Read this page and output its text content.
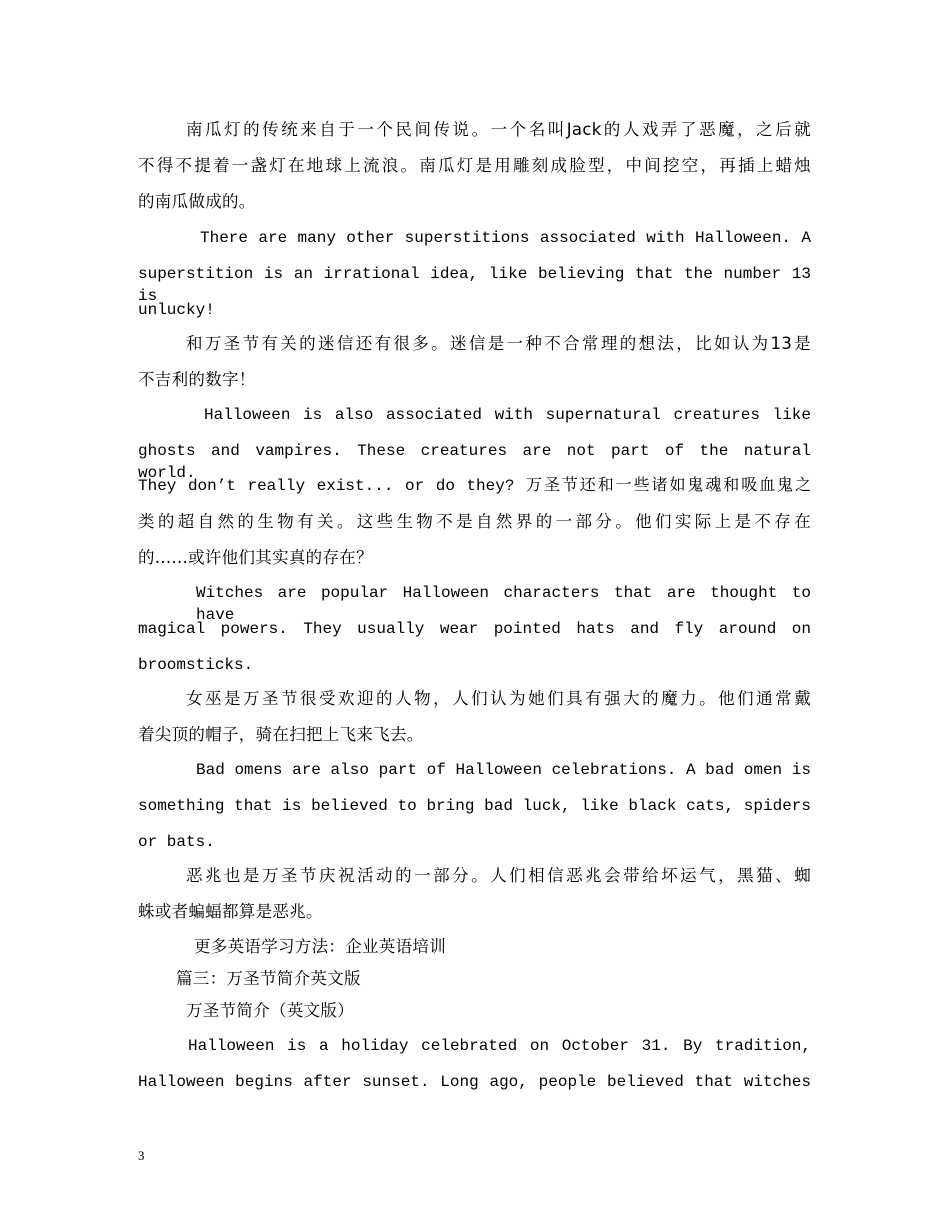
南瓜灯的传统来自于一个民间传说。一个名叫Jack的人戏弄了恶魔，之后就
不得不提着一盏灯在地球上流浪。南瓜灯是用雕刻成脸型，中间挖空，再插上蜡烛
的南瓜做成的。
There are many other superstitions associated with Halloween. A
superstition is an irrational idea, like believing that the number 13 is
unlucky!
和万圣节有关的迷信还有很多。迷信是一种不合常理的想法，比如认为13是
不吉利的数字！
Halloween is also associated with supernatural creatures like
ghosts and vampires. These creatures are not part of the natural world.
They don’t really exist... or do they? 万圣节还和一些诸如鬼魂和吸血鬼之
类的超自然的生物有关。这些生物不是自然界的一部分。他们实际上是不存在
的......或许他们其实真的存在？
Witches are popular Halloween characters that are thought to have
magical powers. They usually wear pointed hats and fly around on
broomsticks.
女巫是万圣节很受欢迎的人物，人们认为她们具有强大的魔力。他们通常戴
着尖顶的帽子，骑在扫把上飞来飞去。
Bad omens are also part of Halloween celebrations. A bad omen is
something that is believed to bring bad luck, like black cats, spiders
or bats.
恶兆也是万圣节庆祝活动的一部分。人们相信恶兆会带给坏运气，黑猫、蜘
蛛或者蝙蝠都算是恶兆。
更多英语学习方法：企业英语培训
篇三：万圣节简介英文版
万圣节简介（英文版）
Halloween is a holiday celebrated on October 31. By tradition,
Halloween begins after sunset. Long ago, people believed that witches
3
